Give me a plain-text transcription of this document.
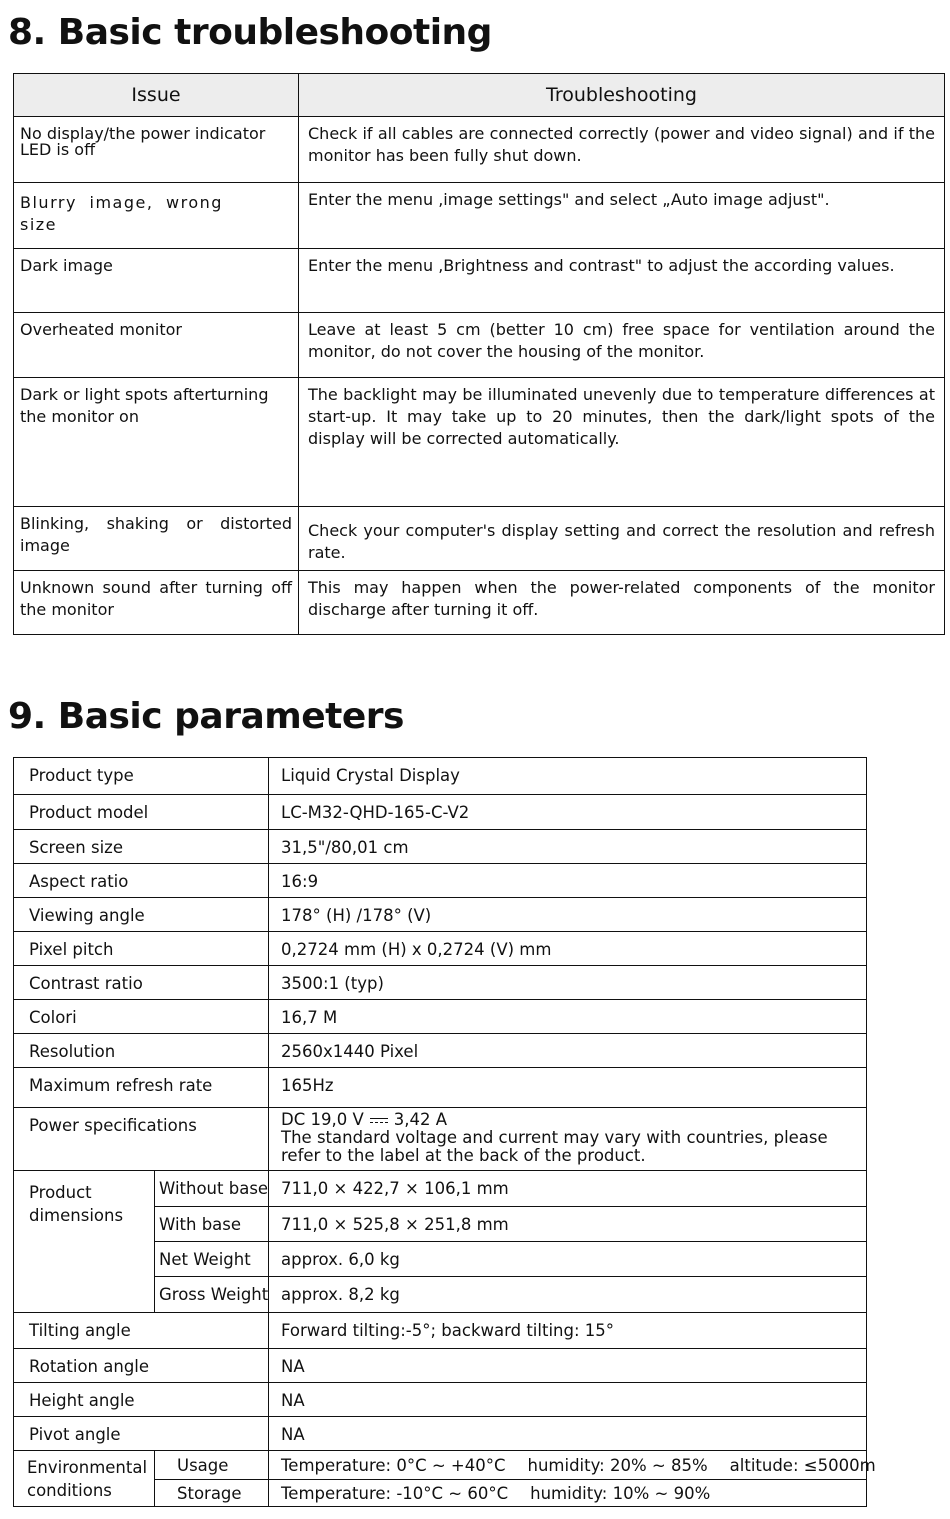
8. Basic troubleshooting
Issue	Troubleshooting

No display/the power indicator LED is off	Check if all cables are connected correctly (power and video signal) and if the monitor has been fully shut down.

Blurry image, wrong size	Enter the menu ‚image settings" and select „Auto image adjust".
Dark image	Enter the menu ‚Brightness and contrast" to adjust the according values.
Overheated monitor	Leave at least 5 cm (better 10 cm) free space for ventilation around the monitor, do not cover the housing of the monitor.

Dark or light spots afterturning the monitor on	The backlight may be illuminated unevenly due to temperature differences at start-up. It may take up to 20 minutes, then the dark/light spots of the display will be corrected automatically.
Blinking, shaking or distorted image	Check your computer's display setting and correct the resolution and refresh rate.
Unknown sound after turning off the monitor	This may happen when the power-related components of the monitor discharge after turning it off.
9. Basic parameters
Product type		Liquid Crystal Display
Product model		LC-M32-QHD-165-C-V2
Screen size		31,5"/80,01 cm
Aspect ratio		16:9
Viewing angle		178° (H) /178° (V)
Pixel pitch		0,2724 mm (H) x 0,2724 (V) mm
Contrast ratio		3500:1 (typ)
Colori		16,7 M
Resolution		2560x1440 Pixel
Maximum refresh rate		165Hz
Power specifications		DC 19,0 V 3,42 A
The standard voltage and current may vary with countries, please refer to the label at the back of the product.

Product dimensions	Without base	711,0 × 422,7 × 106,1 mm
	With base	711,0 × 525,8 × 251,8 mm
	Net Weight	approx. 6,0 kg
	Gross Weight	approx. 8,2 kg
Tilting angle		Forward tilting:-5°; backward tilting: 15°
Rotation angle		NA
Height angle		NA
Pivot angle		NA

Environmental conditions	Usage	Temperature: 0°C ~ +40°C humidity: 20% ~ 85% altitude: ≤5000m
	Storage	Temperature: -10°C ~ 60°C humidity: 10% ~ 90%
